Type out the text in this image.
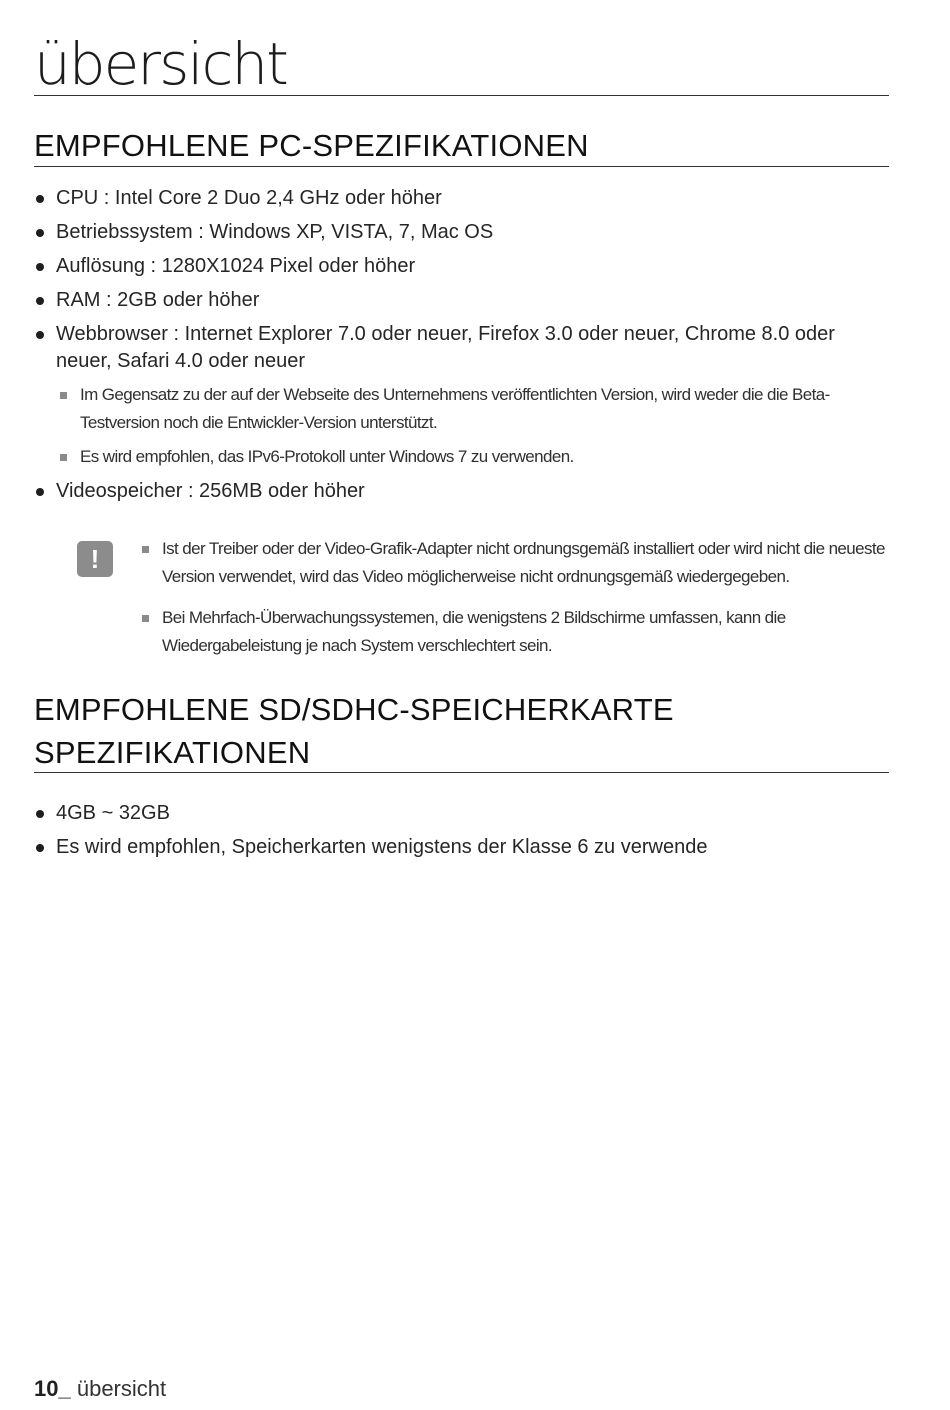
übersicht
EMPFOHLENE PC-SPEZIFIKATIONEN
CPU : Intel Core 2 Duo 2,4 GHz oder höher
Betriebssystem : Windows XP, VISTA, 7, Mac OS
Auflösung : 1280X1024 Pixel oder höher
RAM : 2GB oder höher
Webbrowser : Internet Explorer 7.0 oder neuer, Firefox 3.0 oder neuer, Chrome 8.0 oder neuer, Safari 4.0 oder neuer
Im Gegensatz zu der auf der Webseite des Unternehmens veröffentlichten Version, wird weder die die Beta-Testversion noch die Entwickler-Version unterstützt.
Es wird empfohlen, das IPv6-Protokoll unter Windows 7 zu verwenden.
Videospeicher : 256MB oder höher
!	Ist der Treiber oder der Video-Grafik-Adapter nicht ordnungsgemäß installiert oder wird nicht die neueste Version verwendet, wird das Video möglicherweise nicht ordnungsgemäß wiedergegeben.
Bei Mehrfach-Überwachungssystemen, die wenigstens 2 Bildschirme umfassen, kann die Wiedergabeleistung je nach System verschlechtert sein.
EMPFOHLENE SD/SDHC-SPEICHERKARTE
SPEZIFIKATIONEN
4GB ~ 32GB
Es wird empfohlen, Speicherkarten wenigstens der Klasse 6 zu verwende
10_ übersicht
